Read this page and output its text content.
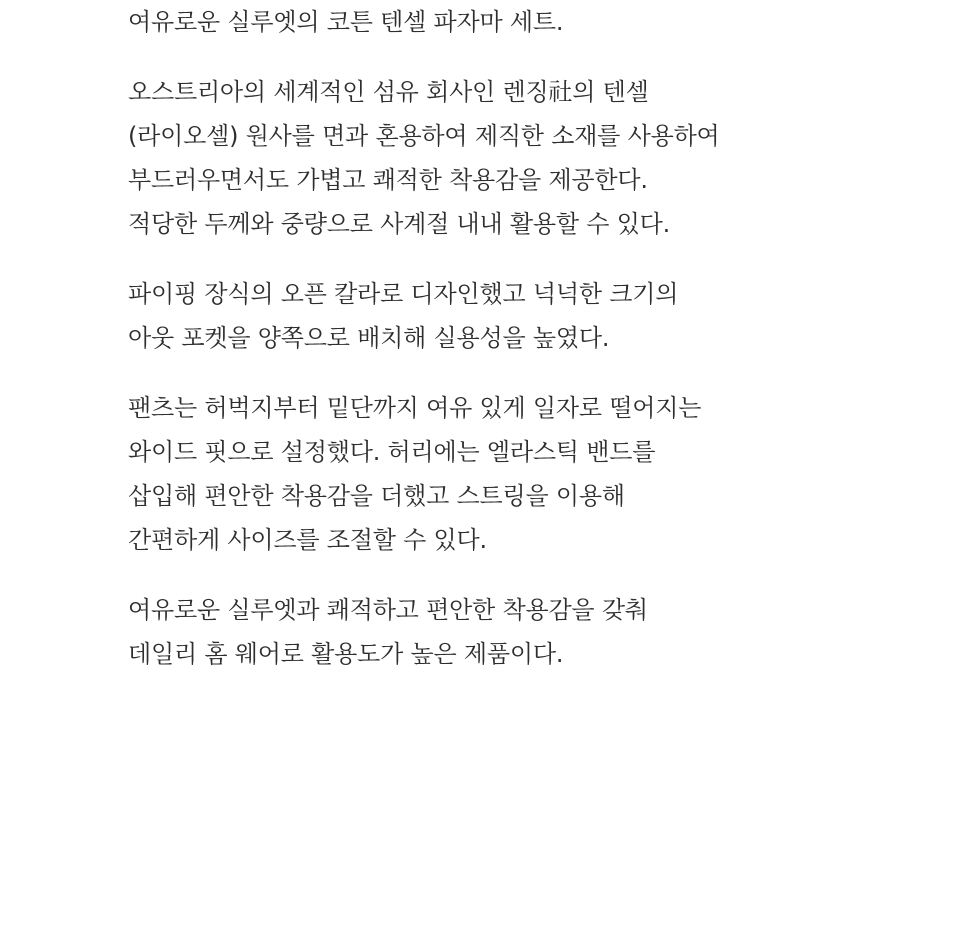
여유로운 실루엣의 코튼 텐셀 파자마 세트.
오스트리아의 세계적인 섬유 회사인 렌징社의 텐셀
(라이오셀) 원사를 면과 혼용하여 제직한 소재를 사용하여
부드러우면서도 가볍고 쾌적한 착용감을 제공한다.
적당한 두께와 중량으로 사계절 내내 활용할 수 있다.
파이핑 장식의 오픈 칼라로 디자인했고 넉넉한 크기의
아웃 포켓을 양쪽으로 배치해 실용성을 높였다.
팬츠는 허벅지부터 밑단까지 여유 있게 일자로 떨어지는
와이드 핏으로 설정했다. 허리에는 엘라스틱 밴드를
삽입해 편안한 착용감을 더했고 스트링을 이용해
간편하게 사이즈를 조절할 수 있다.
여유로운 실루엣과 쾌적하고 편안한 착용감을 갖춰
데일리 홈 웨어로 활용도가 높은 제품이다.
